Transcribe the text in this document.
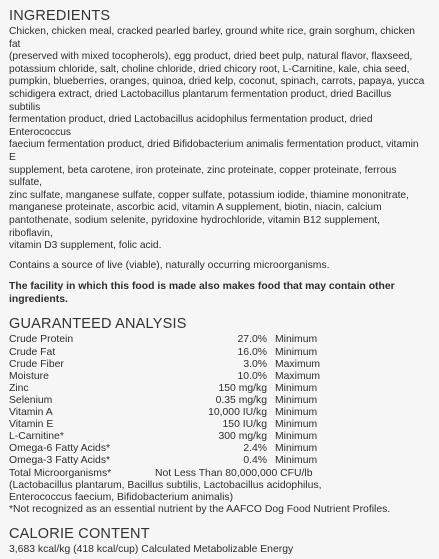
INGREDIENTS
Chicken, chicken meal, cracked pearled barley, ground white rice, grain sorghum, chicken fat
(preserved with mixed tocopherols), egg product, dried beet pulp, natural flavor, flaxseed,
potassium chloride, salt, choline chloride, dried chicory root, L-Carnitine, kale, chia seed,
pumpkin, blueberries, oranges, quinoa, dried kelp, coconut, spinach, carrots, papaya, yucca
schidigera extract, dried Lactobacillus plantarum fermentation product, dried Bacillus subtilis
fermentation product, dried Lactobacillus acidophilus fermentation product, dried Enterococcus
faecium fermentation product, dried Bifidobacterium animalis fermentation product, vitamin E
supplement, beta carotene, iron proteinate, zinc proteinate, copper proteinate, ferrous sulfate,
zinc sulfate, manganese sulfate, copper sulfate, potassium iodide, thiamine mononitrate,
manganese proteinate, ascorbic acid, vitamin A supplement, biotin, niacin, calcium
pantothenate, sodium selenite, pyridoxine hydrochloride, vitamin B12 supplement, riboflavin,
vitamin D3 supplement, folic acid.
Contains a source of live (viable), naturally occurring microorganisms.
The facility in which this food is made also makes food that may contain other ingredients.
GUARANTEED ANALYSIS
Crude Protein	27.0%	Minimum
Crude Fat	16.0%	Minimum
Crude Fiber	3.0%	Maximum
Moisture	10.0%	Maximum
Zinc	150 mg/kg	Minimum
Selenium	0.35 mg/kg	Minimum
Vitamin A	10,000 IU/kg	Minimum
Vitamin E	150 IU/kg	Minimum
L-Carnitine*	300 mg/kg	Minimum
Omega-6 Fatty Acids*	2.4%	Minimum
Omega-3 Fatty Acids*	0.4%	Minimum
Total Microorganisms*	Not Less Than 80,000,000 CFU/lb	
(Lactobacillus plantarum, Bacillus subtilis, Lactobacillus acidophilus,
Enterococcus faecium, Bifidobacterium animalis)
*Not recognized as an essential nutrient by the AAFCO Dog Food Nutrient Profiles.
CALORIE CONTENT
3,683 kcal/kg (418 kcal/cup) Calculated Metabolizable Energy
